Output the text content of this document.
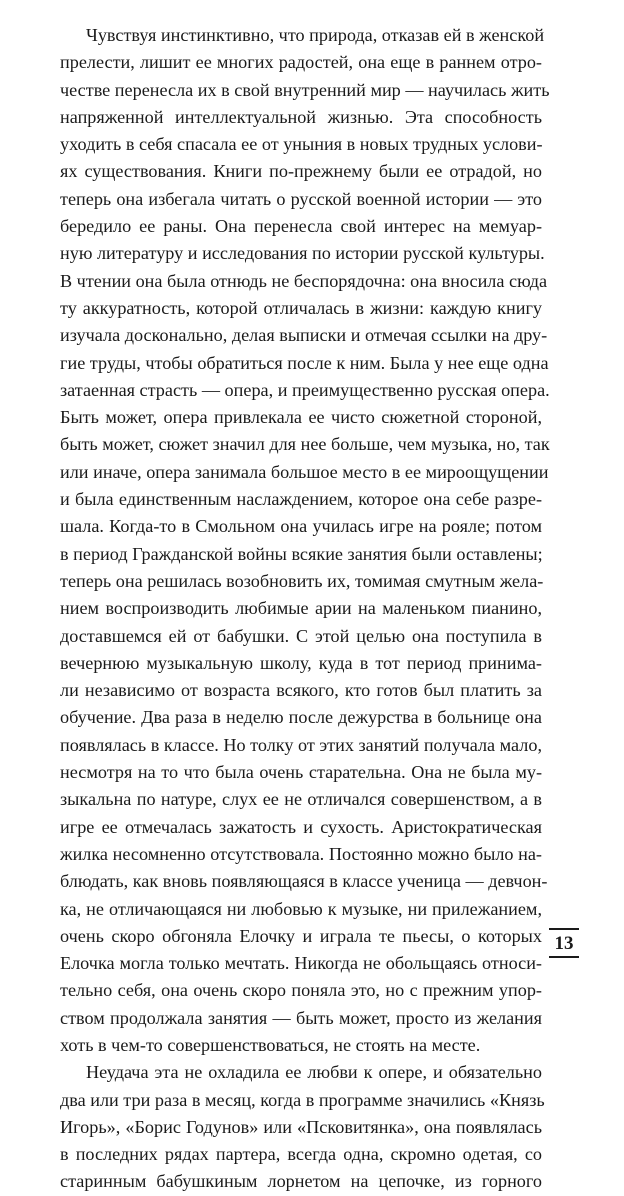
Чувствуя инстинктивно, что природа, отказав ей в женской
прелести, лишит ее многих радостей, она еще в раннем отро-
честве перенесла их в свой внутренний мир — научилась жить
напряженной интеллектуальной жизнью. Эта способность
уходить в себя спасала ее от уныния в новых трудных услови-
ях существования. Книги по-прежнему были ее отрадой, но
теперь она избегала читать о русской военной истории — это
бередило ее раны. Она перенесла свой интерес на мемуар-
ную литературу и исследования по истории русской культуры.
В чтении она была отнюдь не беспорядочна: она вносила сюда
ту аккуратность, которой отличалась в жизни: каждую книгу
изучала досконально, делая выписки и отмечая ссылки на дру-
гие труды, чтобы обратиться после к ним. Была у нее еще одна
затаенная страсть — опера, и преимущественно русская опера.
Быть может, опера привлекала ее чисто сюжетной стороной,
быть может, сюжет значил для нее больше, чем музыка, но, так
или иначе, опера занимала большое место в ее мироощущении
и была единственным наслаждением, которое она себе разре-
шала. Когда-то в Смольном она училась игре на рояле; потом
в период Гражданской войны всякие занятия были оставлены;
теперь она решилась возобновить их, томимая смутным жела-
нием воспроизводить любимые арии на маленьком пианино,
доставшемся ей от бабушки. С этой целью она поступила в
вечернюю музыкальную школу, куда в тот период принима-
ли независимо от возраста всякого, кто готов был платить за
обучение. Два раза в неделю после дежурства в больнице она
появлялась в классе. Но толку от этих занятий получала мало,
несмотря на то что была очень старательна. Она не была му-
зыкальна по натуре, слух ее не отличался совершенством, а в
игре ее отмечалась зажатость и сухость. Аристократическая
жилка несомненно отсутствовала. Постоянно можно было на-
блюдать, как вновь появляющаяся в классе ученица — девчон-
ка, не отличающаяся ни любовью к музыке, ни прилежанием,
очень скоро обгоняла Елочку и играла те пьесы, о которых
Елочка могла только мечтать. Никогда не обольщаясь относи-
тельно себя, она очень скоро поняла это, но с прежним упор-
ством продолжала занятия — быть может, просто из желания
хоть в чем-то совершенствоваться, не стоять на месте.

Неудача эта не охладила ее любви к опере, и обязательно
два или три раза в месяц, когда в программе значились «Князь
Игорь», «Борис Годунов» или «Псковитянка», она появлялась
в последних рядах партера, всегда одна, скромно одетая, со
старинным бабушкиным лорнетом на цепочке, из горного

13
